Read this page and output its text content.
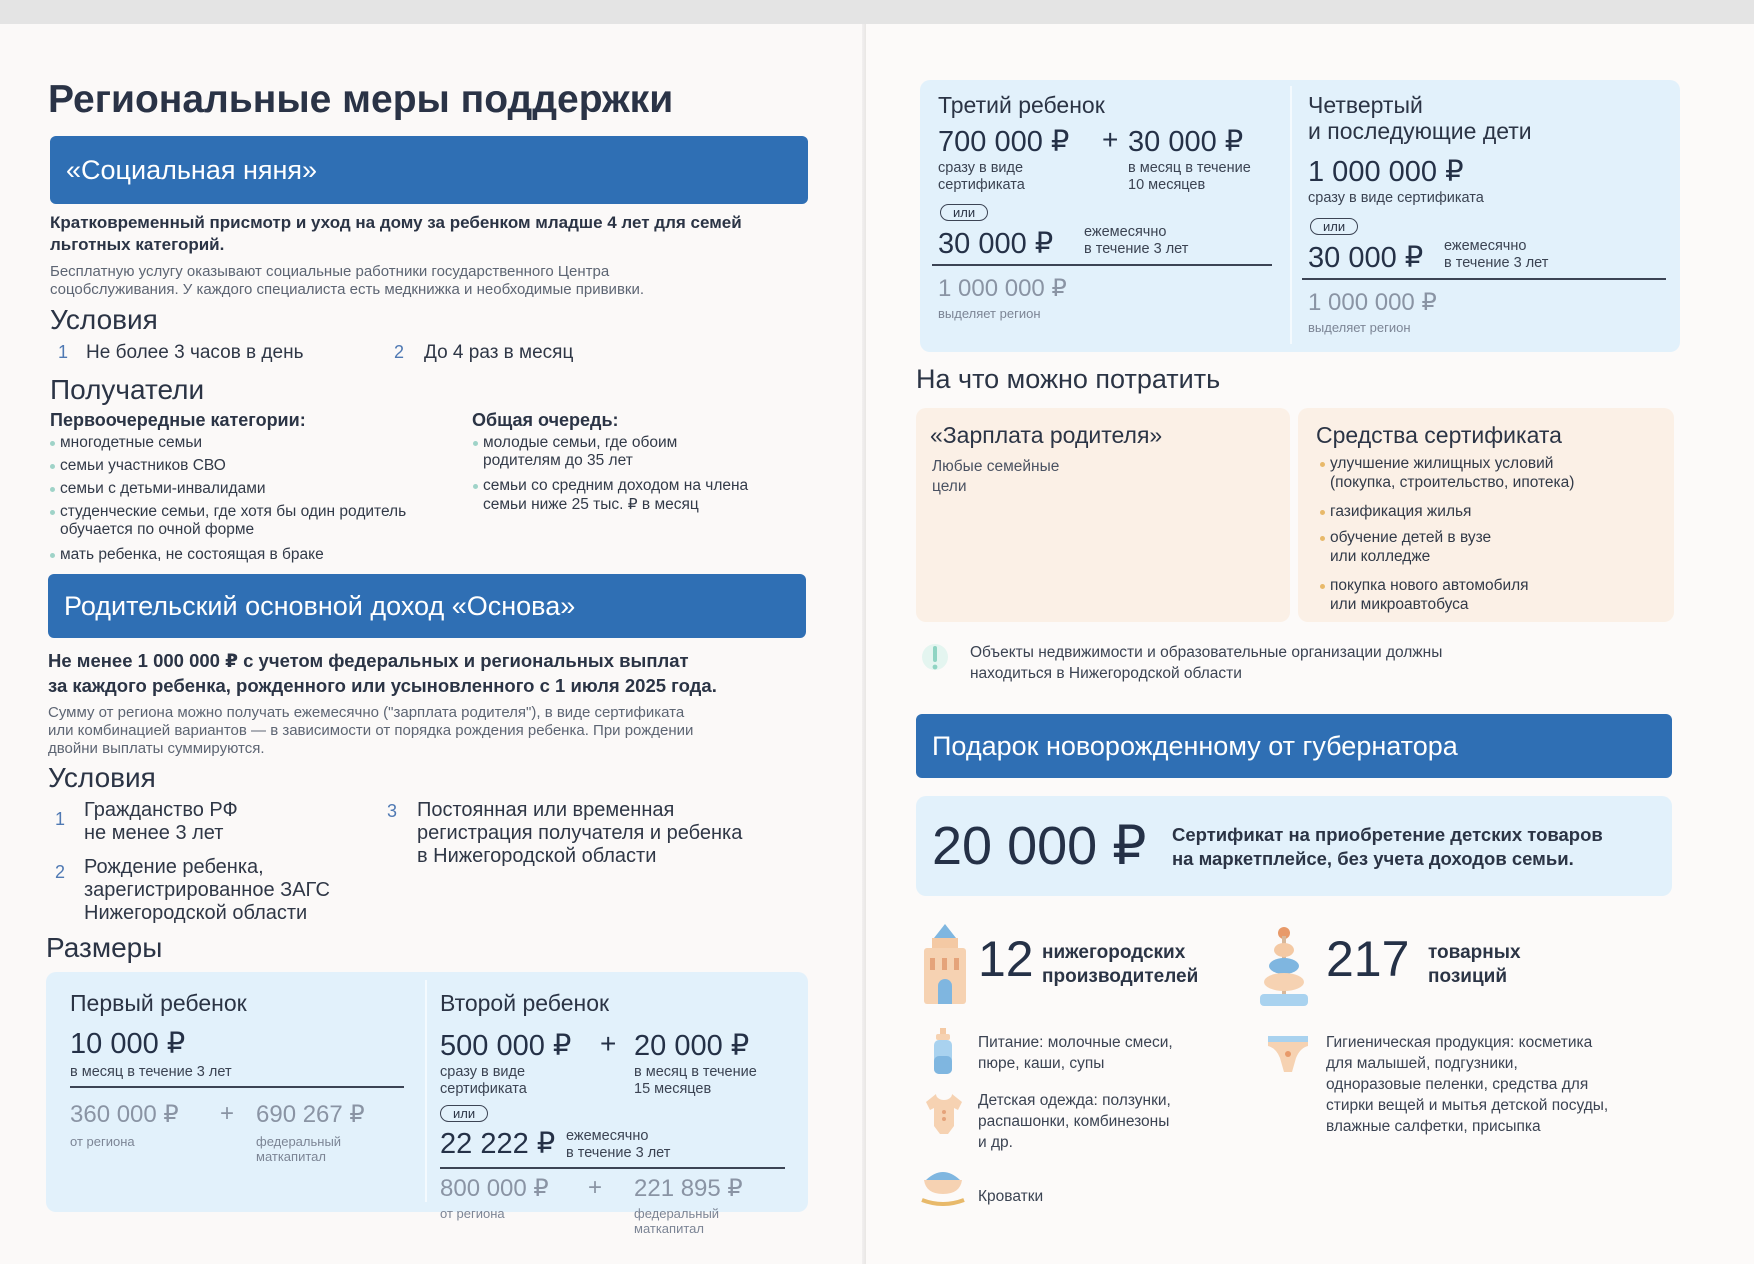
Региональные меры поддержки
«Социальная няня»
Кратковременный присмотр и уход на дому за ребенком младше 4 лет для семей
льготных категорий.
Бесплатную услугу оказывают социальные работники государственного Центра
соцобслуживания. У каждого специалиста есть медкнижка и необходимые прививки.
Условия
1 Не более 3 часов в день	2 До 4 раз в месяц
Получатели
Первоочередные категории:
многодетные семьи
семьи участников СВО
семьи с детьми-инвалидами
студенческие семьи, где хотя бы один родитель
обучается по очной форме
мать ребенка, не состоящая в браке
Общая очередь:
молодые семьи, где обоим
родителям до 35 лет
семьи со средним доходом на члена
семьи ниже 25 тыс. ₽ в месяц
Родительский основной доход «Основа»
Не менее 1 000 000 ₽ с учетом федеральных и региональных выплат
за каждого ребенка, рожденного или усыновленного с 1 июля 2025 года.
Сумму от региона можно получать ежемесячно ("зарплата родителя"), в виде сертификата
или комбинацией вариантов — в зависимости от порядка рождения ребенка. При рождении
двойни выплаты суммируются.
Условия
1 Гражданство РФ
не менее 3 лет
2 Рождение ребенка,
зарегистрированное ЗАГС
Нижегородской области
3 Постоянная или временная
регистрация получателя и ребенка
в Нижегородской области
Размеры
Первый ребенок
10 000 ₽
в месяц в течение 3 лет
360 000 ₽ + 690 267 ₽
от региона	федеральный
маткапитал
Второй ребенок
500 000 ₽ + 20 000 ₽
сразу в виде
сертификата
в месяц в течение
15 месяцев
или
22 222 ₽ ежемесячно
в течение 3 лет
800 000 ₽ + 221 895 ₽
от региона	федеральный
маткапитал
Третий ребенок
700 000 ₽ + 30 000 ₽
сразу в виде
сертификата
в месяц в течение
10 месяцев
или
30 000 ₽ ежемесячно
в течение 3 лет
1 000 000 ₽
выделяет регион
Четвертый
и последующие дети
1 000 000 ₽
сразу в виде сертификата
или
30 000 ₽ ежемесячно
в течение 3 лет
1 000 000 ₽
выделяет регион
На что можно потратить
«Зарплата родителя»
Любые семейные
цели
Средства сертификата
улучшение жилищных условий
(покупка, строительство, ипотека)
газификация жилья
обучение детей в вузе
или колледже
покупка нового автомобиля
или микроавтобуса
Объекты недвижимости и образовательные организации должны
находиться в Нижегородской области
Подарок новорожденному от губернатора
20 000 ₽ Сертификат на приобретение детских товаров
на маркетплейсе, без учета доходов семьи.
12 нижегородских
производителей	217 товарных
позиций
Питание: молочные смеси,
пюре, каши, супы
Детская одежда: ползунки,
распашонки, комбинезоны
и др.
Кроватки
Гигиеническая продукция: косметика
для малышей, подгузники,
одноразовые пеленки, средства для
стирки вещей и мытья детской посуды,
влажные салфетки, присыпка
